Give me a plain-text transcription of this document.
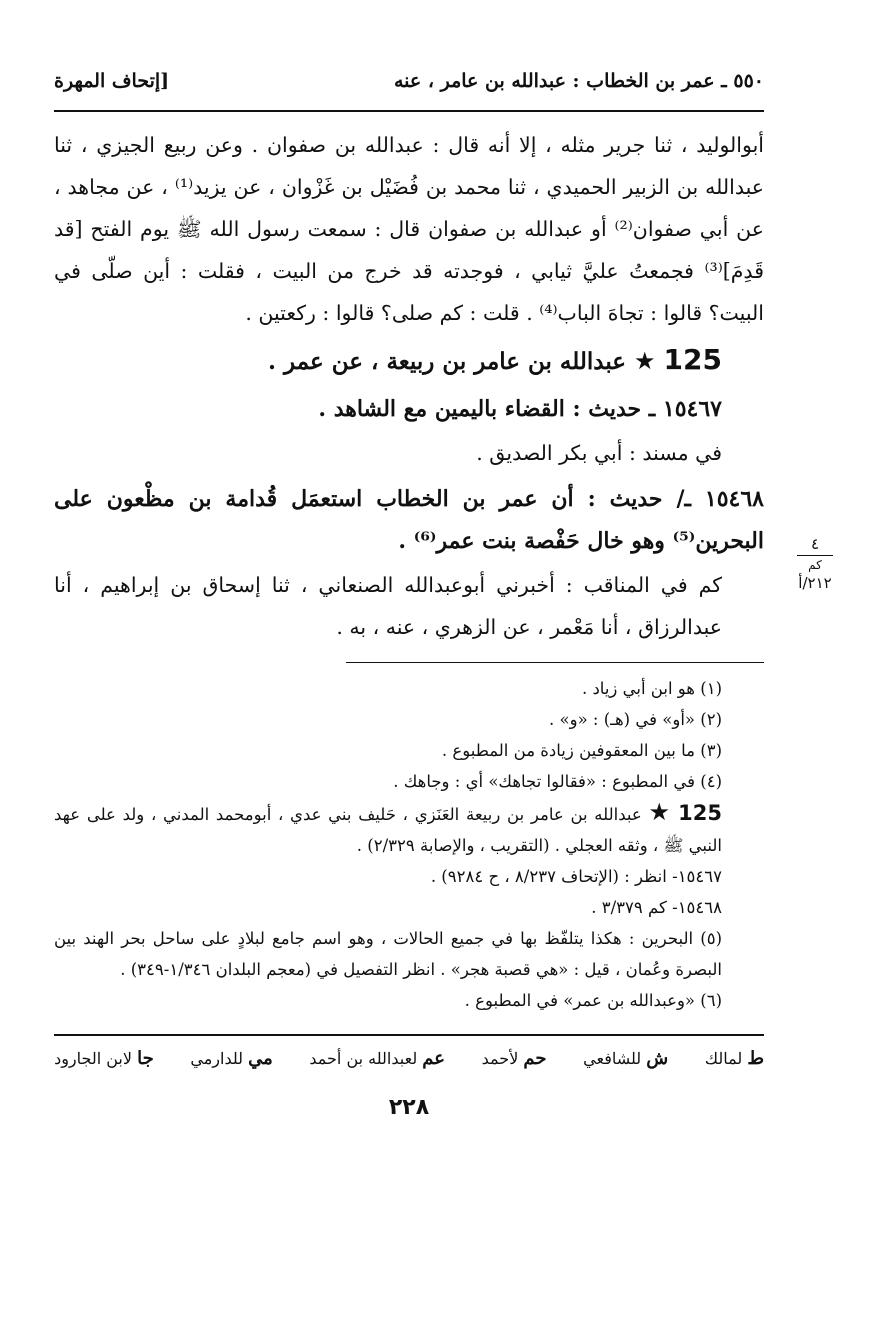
٥٥٠ ـ عمر بن الخطاب : عبدالله بن عامر ، عنه
[إتحاف المهرة

أبوالوليد ، ثنا جرير مثله ، إلا أنه قال : عبدالله بن صفوان . وعن ربيع الجيزي ، ثنا عبدالله بن الزبير الحميدي ، ثنا محمد بن فُضَيْل بن غَزْوان ، عن يزيد⁽¹⁾ ، عن مجاهد ، عن أبي صفوان⁽²⁾ أو عبدالله بن صفوان قال : سمعت رسول الله ﷺ يوم الفتح [قد قَدِمَ]⁽³⁾ فجمعتُ عليَّ ثيابي ، فوجدته قد خرج من البيت ، فقلت : أين صلّى في البيت؟ قالوا : تجاهَ الباب⁽⁴⁾ . قلت : كم صلى؟ قالوا : ركعتين .

125 ★ عبدالله بن عامر بن ربيعة ، عن عمر .
١٥٤٦٧ ـ حديث : القضاء باليمين مع الشاهد .
في مسند : أبي بكر الصديق .
١٥٤٦٨ ـ/ حديث : أن عمر بن الخطاب استعمَل قُدامة بن مظْعون على البحرين⁽⁵⁾ وهو خال حَفْصة بنت عمر⁽⁶⁾ .
كم في المناقب : أخبرني أبوعبدالله الصنعاني ، ثنا إسحاق بن إبراهيم ، أنا عبدالرزاق ، أنا مَعْمر ، عن الزهري ، عنه ، به .

(١) هو ابن أبي زياد .

(٢) «أو» في (هـ) : «و» .

(٣) ما بين المعقوفين زيادة من المطبوع .

(٤) في المطبوع : «فقالوا تجاهك» أي : وجاهك .

125 ★ عبدالله بن عامر بن ربيعة العَنَزي ، حَليف بني عدي ، أبومحمد المدني ، ولد على عهد النبي ﷺ ، وثقه العجلي . (التقريب ، والإصابة ٢/٣٢٩) .

١٥٤٦٧- انظر : (الإتحاف ٨/٢٣٧ ، ح ٩٢٨٤) .

١٥٤٦٨- كم ٣/٣٧٩ .

(٥) البحرين : هكذا يتلفّظ بها في جميع الحالات ، وهو اسم جامع لبلادٍ على ساحل بحر الهند بين البصرة وعُمان ، قيل : «هي قصبة هجر» . انظر التفصيل في (معجم البلدان ١/٣٤٦-٣٤٩) .

(٦) «وعبدالله بن عمر» في المطبوع .

ط لمالك
ش للشافعي
حم لأحمد
عم لعبدالله بن أحمد
مي للدارمي
جا لابن الجارود
٢٢٨
٤
كم
٢١٢/أ
